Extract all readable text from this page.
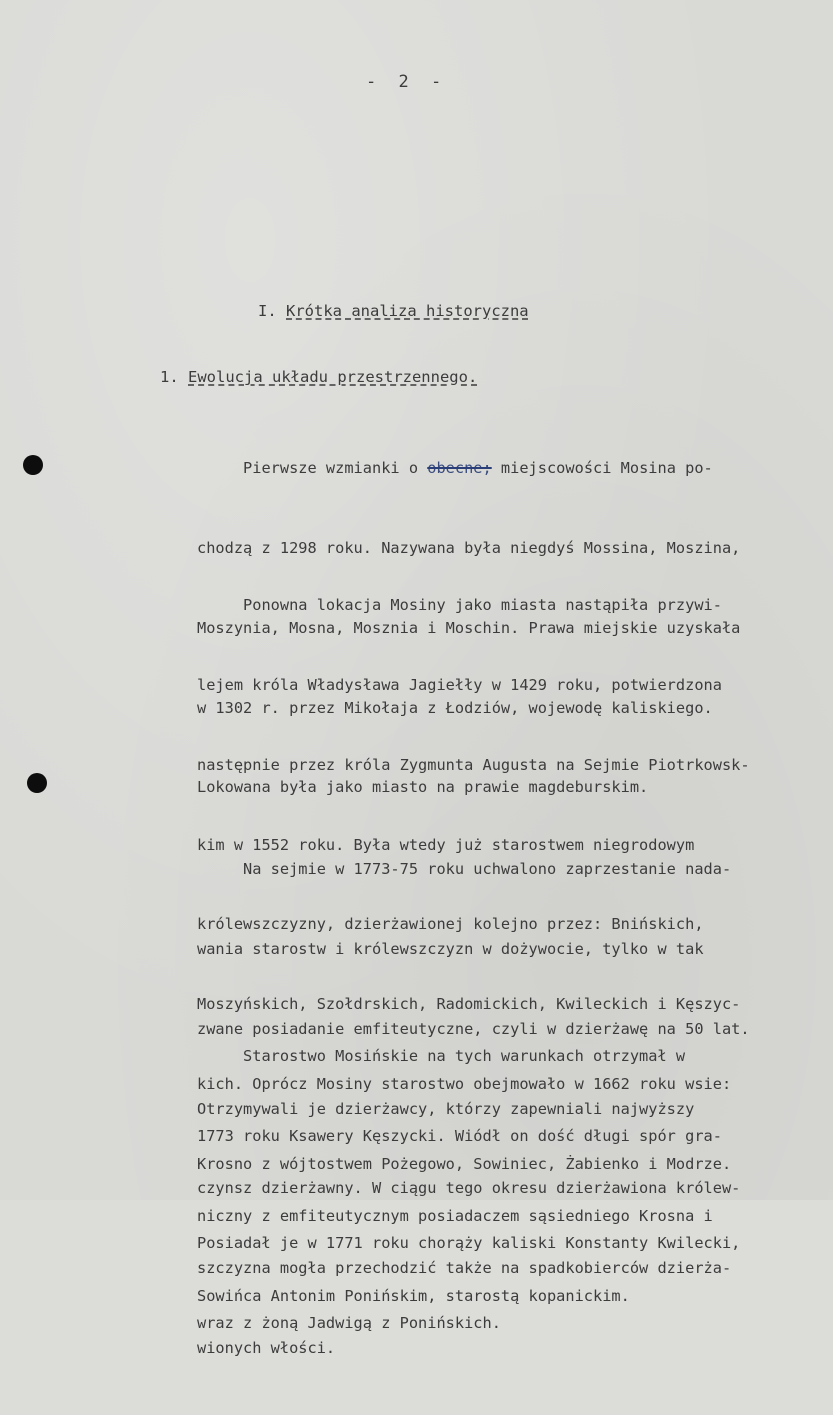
- 2 -
I. Krótka analiza historyczna
1. Ewolucja układu przestrzennego.

Pierwsze wzmianki o obecne; miejscowości Mosina po-

chodzą z 1298 roku. Nazywana była niegdyś Mossina, Moszina,

Moszynia, Mosna, Mosznia i Moschin. Prawa miejskie uzyskała

w 1302 r. przez Mikołaja z Łodziów, wojewodę kaliskiego.

Lokowana była jako miasto na prawie magdeburskim.

Ponowna lokacja Mosiny jako miasta nastąpiła przywi-

lejem króla Władysława Jagiełły w 1429 roku, potwierdzona

następnie przez króla Zygmunta Augusta na Sejmie Piotrkowsk-

kim w 1552 roku. Była wtedy już starostwem niegrodowym

królewszczyzny, dzierżawionej kolejno przez: Bnińskich,

Moszyńskich, Szołdrskich, Radomickich, Kwileckich i Kęszyc-

kich. Oprócz Mosiny starostwo obejmowało w 1662 roku wsie:

Krosno z wójtostwem Pożegowo, Sowiniec, Żabienko i Modrze.

Posiadał je w 1771 roku chorąży kaliski Konstanty Kwilecki,

wraz z żoną Jadwigą z Ponińskich.

Na sejmie w 1773-75 roku uchwalono zaprzestanie nada-

wania starostw i królewszczyzn w dożywocie, tylko w tak

zwane posiadanie emfiteutyczne, czyli w dzierżawę na 50 lat.

Otrzymywali je dzierżawcy, którzy zapewniali najwyższy

czynsz dzierżawny. W ciągu tego okresu dzierżawiona królew-

szczyzna mogła przechodzić także na spadkobierców dzierża-

wionych włości.

Starostwo Mosińskie na tych warunkach otrzymał w

1773 roku Ksawery Kęszycki. Wiódł on dość długi spór gra-

niczny z emfiteutycznym posiadaczem sąsiedniego Krosna i

Sowińca Antonim Ponińskim, starostą kopanickim.
